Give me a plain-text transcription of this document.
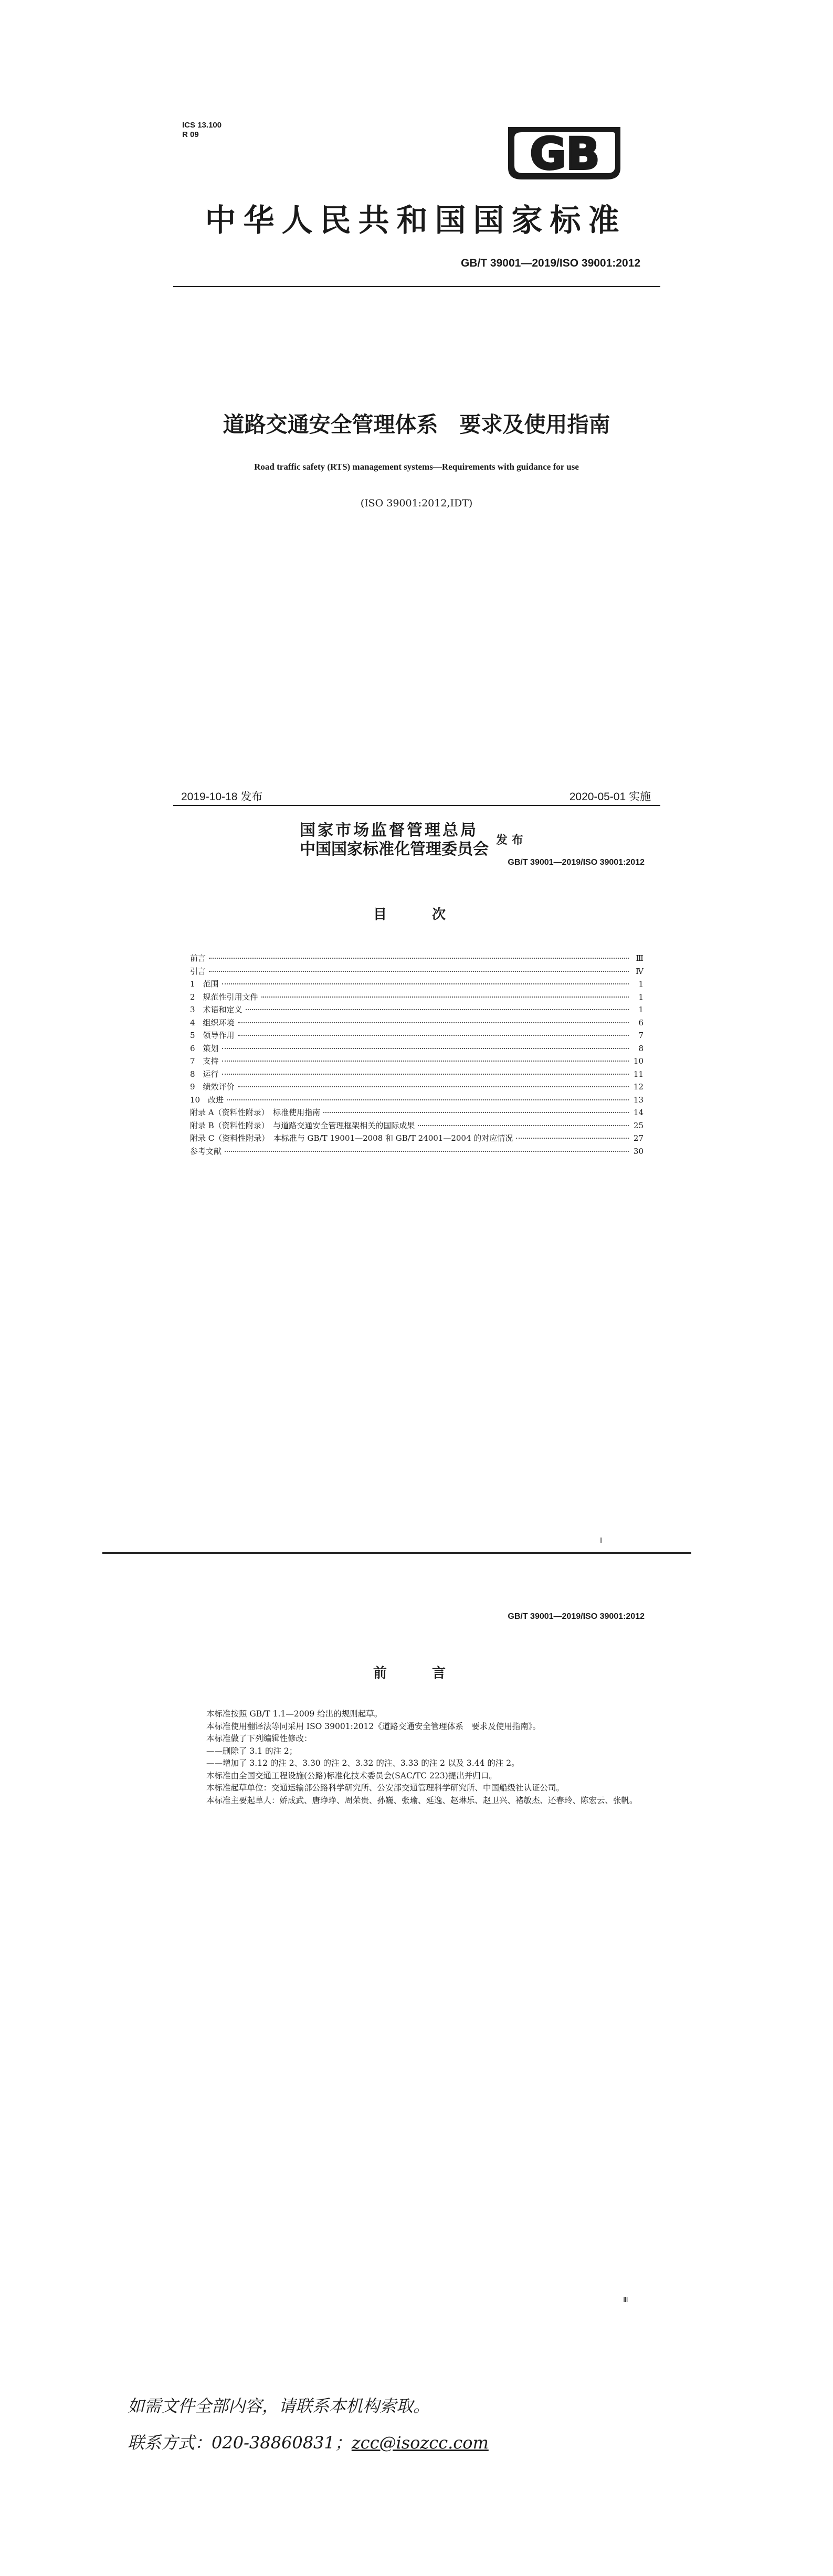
ICS 13.100
R 09	GB
中华人民共和国国家标准
GB/T 39001—2019/ISO 39001:2012
道路交通安全管理体系　要求及使用指南
Road traffic safety (RTS) management systems—Requirements with guidance for use
(ISO 39001:2012,IDT)
2019-10-18 发布	2020-05-01 实施
国家市场监督管理总局
中国国家标准化管理委员会 发 布
GB/T 39001—2019/ISO 39001:2012
目　次
前言	Ⅲ
引言	Ⅳ
1　范围	1
2　规范性引用文件	1
3　术语和定义	1
4　组织环境	6
5　领导作用	7
6　策划	8
7　支持	10
8　运行	11
9　绩效评价	12
10　改进	13
附录 A（资料性附录）　标准使用指南	14
附录 B（资料性附录）　与道路交通安全管理框架相关的国际成果	25
附录 C（资料性附录）　本标准与 GB/T 19001—2008 和 GB/T 24001—2004 的对应情况	27
参考文献	30
Ⅰ
GB/T 39001—2019/ISO 39001:2012
前　言
本标准按照 GB/T 1.1—2009 给出的规则起草。
本标准使用翻译法等同采用 ISO 39001:2012《道路交通安全管理体系　要求及使用指南》。
本标准做了下列编辑性修改：
——删除了 3.1 的注 2；
——增加了 3.12 的注 2、3.30 的注 2、3.32 的注、3.33 的注 2 以及 3.44 的注 2。
本标准由全国交通工程设施(公路)标准化技术委员会(SAC/TC 223)提出并归口。
本标准起草单位：交通运输部公路科学研究所、公安部交通管理科学研究所、中国船级社认证公司。
本标准主要起草人：娇成武、唐琤琤、周荣贵、孙巍、张瑜、延逸、赵琳乐、赵卫兴、褚敏杰、还春玲、陈宏云、张帆。
Ⅲ
如需文件全部内容，请联系本机构索取。
联系方式：020-38860831；zcc@isozcc.com
